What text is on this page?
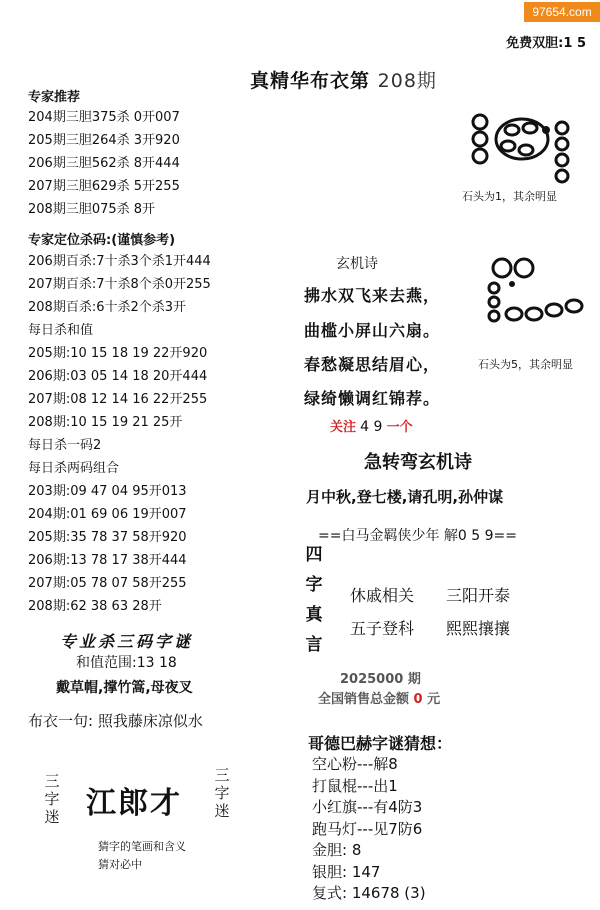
97654.com
免费双胆:1 5
真精华布衣第 208期
专家推荐
204期三胆375杀 0开007
205期三胆264杀 3开920
206期三胆562杀 8开444
207期三胆629杀 5开255
208期三胆075杀 8开
专家定位杀码:(谨慎参考)
206期百杀:7十杀3个杀1开444
207期百杀:7十杀8个杀0开255
208期百杀:6十杀2个杀3开
每日杀和值
205期:10 15 18 19 22开920
206期:03 05 14 18 20开444
207期:08 12 14 16 22开255
208期:10 15 19 21 25开
每日杀一码2
每日杀两码组合
203期:09 47 04 95开013
204期:01 69 06 19开007
205期:35 78 37 58开920
206期:13 78 17 38开444
207期:05 78 07 58开255
208期:62 38 63 28开
专业杀三码字谜
和值范围:13 18
戴草帽,撑竹篙,母夜叉
布衣一句: 照我藤床凉似水
三字迷 江郎才
三字迷
猜字的笔画和含义
猜对必中
石头为1，其余明显
石头为5，其余明显
玄机诗
拂水双飞来去燕，
曲槛小屏山六扇。
春愁凝思结眉心，
绿绮懒调红锦荐。
关注 4 9 一个
急转弯玄机诗
月中秋,登七楼,请孔明,孙仲谋
==白马金羁侠少年 解0 5 9==
四
字
真
言
休戚相关 三阳开泰
五子登科 熙熙攘攘
2025000 期
全国销售总金额 0 元
哥德巴赫字谜猜想：
空心粉---解8
打鼠棍---出1
小红旗---有4防3
跑马灯---见7防6
金胆: 8
银胆: 147
复式: 14678 (3)
